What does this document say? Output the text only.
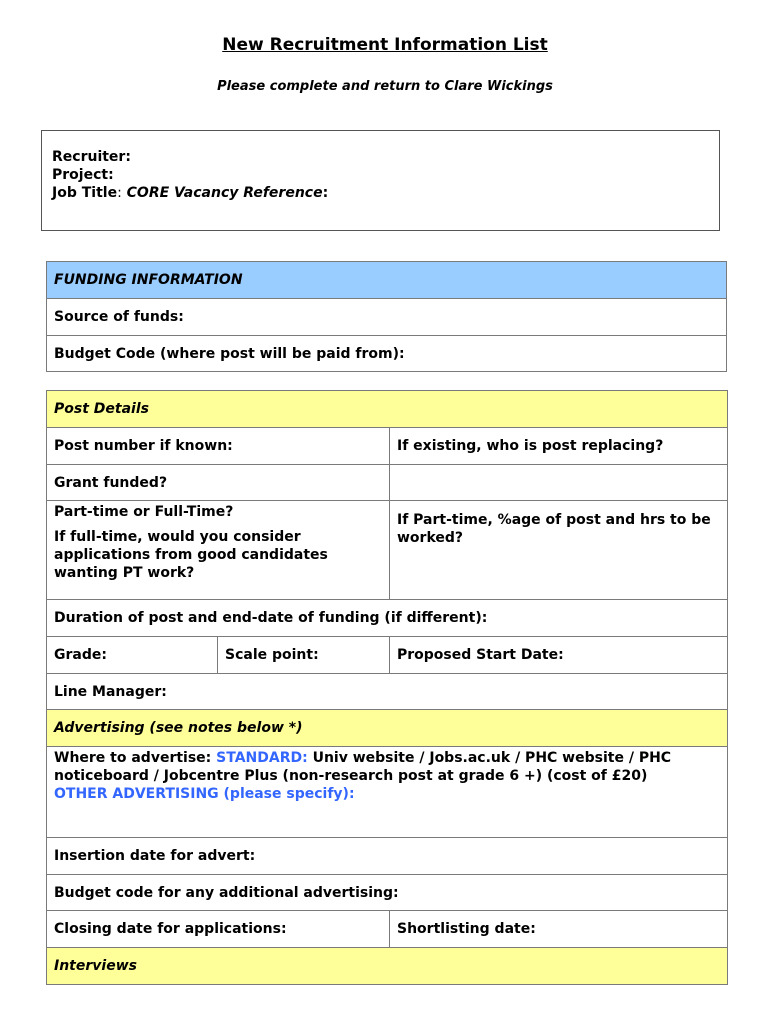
New Recruitment Information List
Please complete and return to Clare Wickings
Recruiter:
Project:
Job Title: CORE Vacancy Reference:
FUNDING INFORMATION
Source of funds:
Budget Code (where post will be paid from):
Post Details		
Post number if known:		If existing, who is post replacing?
Grant funded?		

Part-time or Full-Time?
If full-time, would you consider applications from good candidates wanting PT work?		If Part-time, %age of post and hrs to be worked?
Duration of post and end-date of funding (if different):		
Grade:	Scale point:	Proposed Start Date:
Line Manager:		
Advertising (see notes below *)		
Where to advertise: STANDARD: Univ website / Jobs.ac.uk / PHC website / PHC noticeboard / Jobcentre Plus (non-research post at grade 6 +) (cost of £20)
OTHER ADVERTISING (please specify):		

Insertion date for advert:		
Budget code for any additional advertising:		
Closing date for applications:		Shortlisting date:
Interviews		
